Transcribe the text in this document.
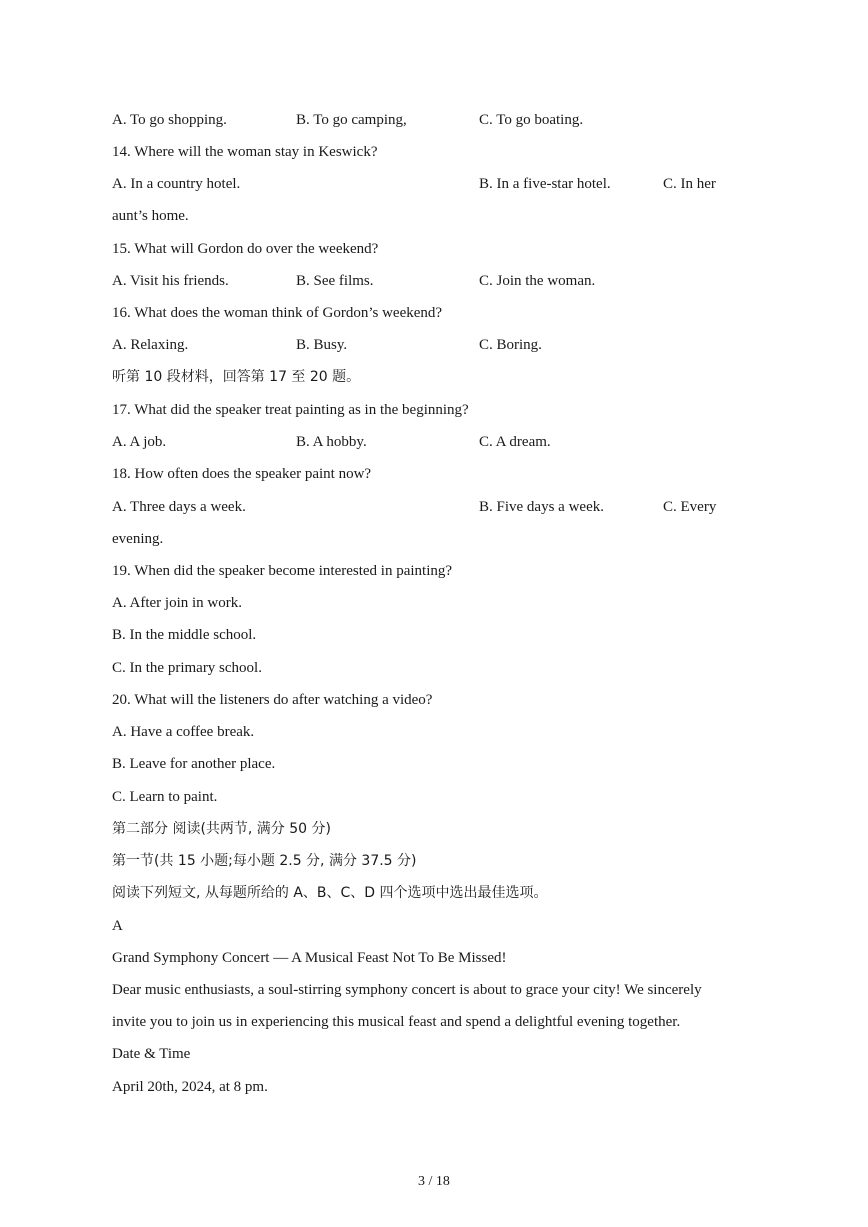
A. To go shopping.	B. To go camping,	C. To go boating.
14. Where will the woman stay in Keswick?
A. In a country hotel.	B. In a five-star hotel.	C. In her
aunt’s home.
15. What will Gordon do over the weekend?
A. Visit his friends.	B. See films.	C. Join the woman.
16. What does the woman think of Gordon’s weekend?
A. Relaxing.	B. Busy.	C. Boring.
听第 10 段材料，回答第 17 至 20 题。
17. What did the speaker treat painting as in the beginning?
A. A job.	B. A hobby.	C. A dream.
18. How often does the speaker paint now?
A. Three days a week.	B. Five days a week.	C. Every
evening.
19. When did the speaker become interested in painting?
A. After join in work.
B. In the middle school.
C. In the primary school.
20. What will the listeners do after watching a video?
A. Have a coffee break.
B. Leave for another place.
C. Learn to paint.
第二部分 阅读(共两节, 满分 50 分)
第一节(共 15 小题;每小题 2.5 分, 满分 37.5 分)
阅读下列短文, 从每题所给的 A、B、C、D 四个选项中选出最佳选项。
A
Grand Symphony Concert — A Musical Feast Not To Be Missed!
Dear music enthusiasts, a soul-stirring symphony concert is about to grace your city! We sincerely
invite you to join us in experiencing this musical feast and spend a delightful evening together.
Date & Time
April 20th, 2024, at 8 pm.
3 / 18
